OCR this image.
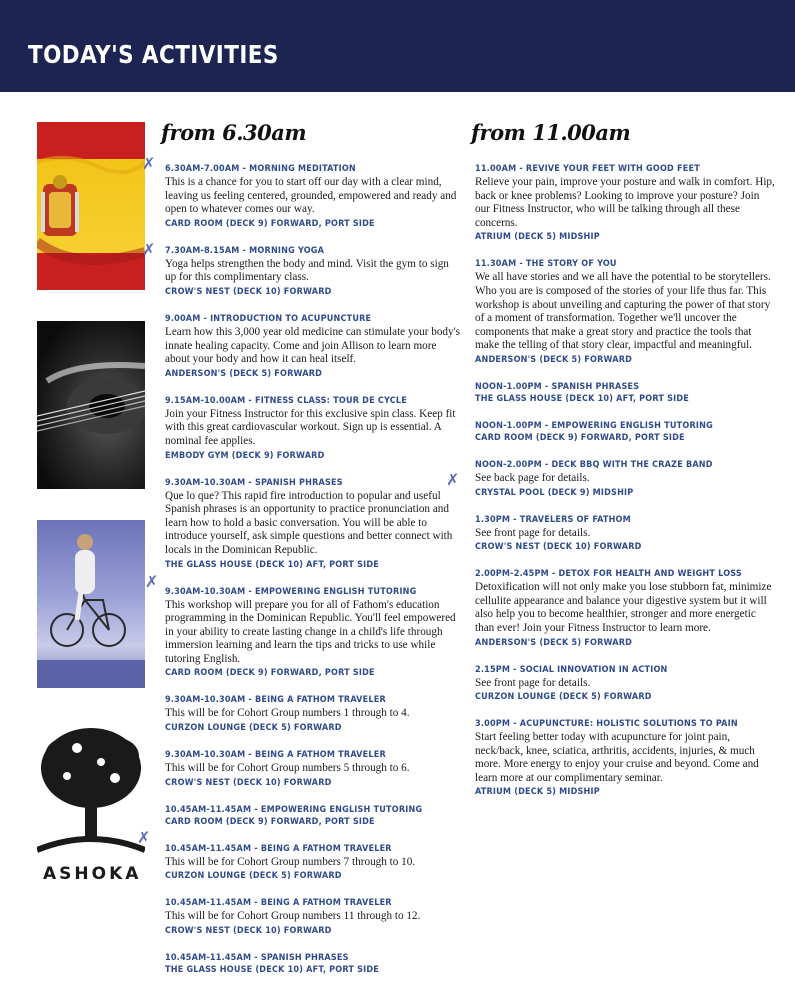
TODAY'S ACTIVITIES
ASHOKA
from 6.30am
6.30AM-7.00AM - MORNING MEDITATION
This is a chance for you to start off our day with a clear mind, leaving us feeling centered, grounded, empowered and ready and open to whatever comes our way.
CARD ROOM (DECK 9) FORWARD, PORT SIDE
7.30AM-8.15AM - MORNING YOGA
Yoga helps strengthen the body and mind. Visit the gym to sign up for this complimentary class.
CROW'S NEST (DECK 10) FORWARD
9.00AM - INTRODUCTION TO ACUPUNCTURE
Learn how this 3,000 year old medicine can stimulate your body's innate healing capacity. Come and join Allison to learn more about your body and how it can heal itself.
ANDERSON'S (DECK 5) FORWARD
9.15AM-10.00AM - FITNESS CLASS: TOUR DE CYCLE
Join your Fitness Instructor for this exclusive spin class. Keep fit with this great cardiovascular workout. Sign up is essential. A nominal fee applies.
EMBODY GYM (DECK 9) FORWARD
9.30AM-10.30AM - SPANISH PHRASES
Que lo que? This rapid fire introduction to popular and useful Spanish phrases is an opportunity to practice pronunciation and learn how to hold a basic conversation. You will be able to introduce yourself, ask simple questions and better connect with locals in the Dominican Republic.
THE GLASS HOUSE (DECK 10) AFT, PORT SIDE
9.30AM-10.30AM - EMPOWERING ENGLISH TUTORING
This workshop will prepare you for all of Fathom's education programming in the Dominican Republic. You'll feel empowered in your ability to create lasting change in a child's life through immersion learning and learn the tips and tricks to use while tutoring English.
CARD ROOM (DECK 9) FORWARD, PORT SIDE
9.30AM-10.30AM - BEING A FATHOM TRAVELER
This will be for Cohort Group numbers 1 through to 4.
CURZON LOUNGE (DECK 5) FORWARD
9.30AM-10.30AM - BEING A FATHOM TRAVELER
This will be for Cohort Group numbers 5 through to 6.
CROW'S NEST (DECK 10) FORWARD
10.45AM-11.45AM - EMPOWERING ENGLISH TUTORING
CARD ROOM (DECK 9) FORWARD, PORT SIDE
10.45AM-11.45AM - BEING A FATHOM TRAVELER
This will be for Cohort Group numbers 7 through to 10.
CURZON LOUNGE (DECK 5) FORWARD
10.45AM-11.45AM - BEING A FATHOM TRAVELER
This will be for Cohort Group numbers 11 through to 12.
CROW'S NEST (DECK 10) FORWARD
10.45AM-11.45AM - SPANISH PHRASES
THE GLASS HOUSE (DECK 10) AFT, PORT SIDE
from 11.00am
11.00AM - REVIVE YOUR FEET WITH GOOD FEET
Relieve your pain, improve your posture and walk in comfort. Hip, back or knee problems? Looking to improve your posture? Join our Fitness Instructor, who will be talking through all these concerns.
ATRIUM (DECK 5) MIDSHIP
11.30AM - THE STORY OF YOU
We all have stories and we all have the potential to be storytellers. Who you are is composed of the stories of your life thus far. This workshop is about unveiling and capturing the power of that story of a moment of transformation. Together we'll uncover the components that make a great story and practice the tools that make the telling of that story clear, impactful and meaningful.
ANDERSON'S (DECK 5) FORWARD
NOON-1.00PM - SPANISH PHRASES
THE GLASS HOUSE (DECK 10) AFT, PORT SIDE
NOON-1.00PM - EMPOWERING ENGLISH TUTORING
CARD ROOM (DECK 9) FORWARD, PORT SIDE
NOON-2.00PM - DECK BBQ WITH THE CRAZE BAND
See back page for details.
CRYSTAL POOL (DECK 9) MIDSHIP
1.30PM - TRAVELERS OF FATHOM
See front page for details.
CROW'S NEST (DECK 10) FORWARD
2.00PM-2.45PM - DETOX FOR HEALTH AND WEIGHT LOSS
Detoxification will not only make you lose stubborn fat, minimize cellulite appearance and balance your digestive system but it will also help you to become healthier, stronger and more energetic than ever! Join your Fitness Instructor to learn more.
ANDERSON'S (DECK 5) FORWARD
2.15PM - SOCIAL INNOVATION IN ACTION
See front page for details.
CURZON LOUNGE (DECK 5) FORWARD
3.00PM - ACUPUNCTURE: HOLISTIC SOLUTIONS TO PAIN
Start feeling better today with acupuncture for joint pain, neck/back, knee, sciatica, arthritis, accidents, injuries, & much more. More energy to enjoy your cruise and beyond. Come and learn more at our complimentary seminar.
ATRIUM (DECK 5) MIDSHIP
✗
✗
✗
✗
✗
